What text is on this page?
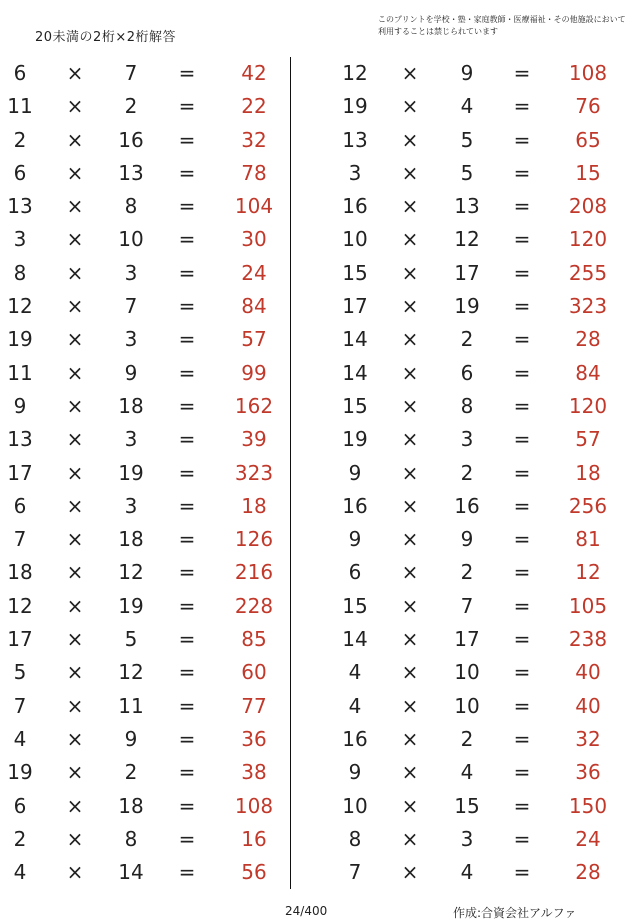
20未満の2桁×2桁解答
このプリントを学校・塾・家庭教師・医療福祉・その他施設において利用することは禁じられています
6	×	7	=	42
11	×	2	=	22
2	×	16	=	32
6	×	13	=	78
13	×	8	=	104
3	×	10	=	30
8	×	3	=	24
12	×	7	=	84
19	×	3	=	57
11	×	9	=	99
9	×	18	=	162
13	×	3	=	39
17	×	19	=	323
6	×	3	=	18
7	×	18	=	126
18	×	12	=	216
12	×	19	=	228
17	×	5	=	85
5	×	12	=	60
7	×	11	=	77
4	×	9	=	36
19	×	2	=	38
6	×	18	=	108
2	×	8	=	16
4	×	14	=	56
12	×	9	=	108
19	×	4	=	76
13	×	5	=	65
3	×	5	=	15
16	×	13	=	208
10	×	12	=	120
15	×	17	=	255
17	×	19	=	323
14	×	2	=	28
14	×	6	=	84
15	×	8	=	120
19	×	3	=	57
9	×	2	=	18
16	×	16	=	256
9	×	9	=	81
6	×	2	=	12
15	×	7	=	105
14	×	17	=	238
4	×	10	=	40
4	×	10	=	40
16	×	2	=	32
9	×	4	=	36
10	×	15	=	150
8	×	3	=	24
7	×	4	=	28
24/400	作成:合資会社アルファ
